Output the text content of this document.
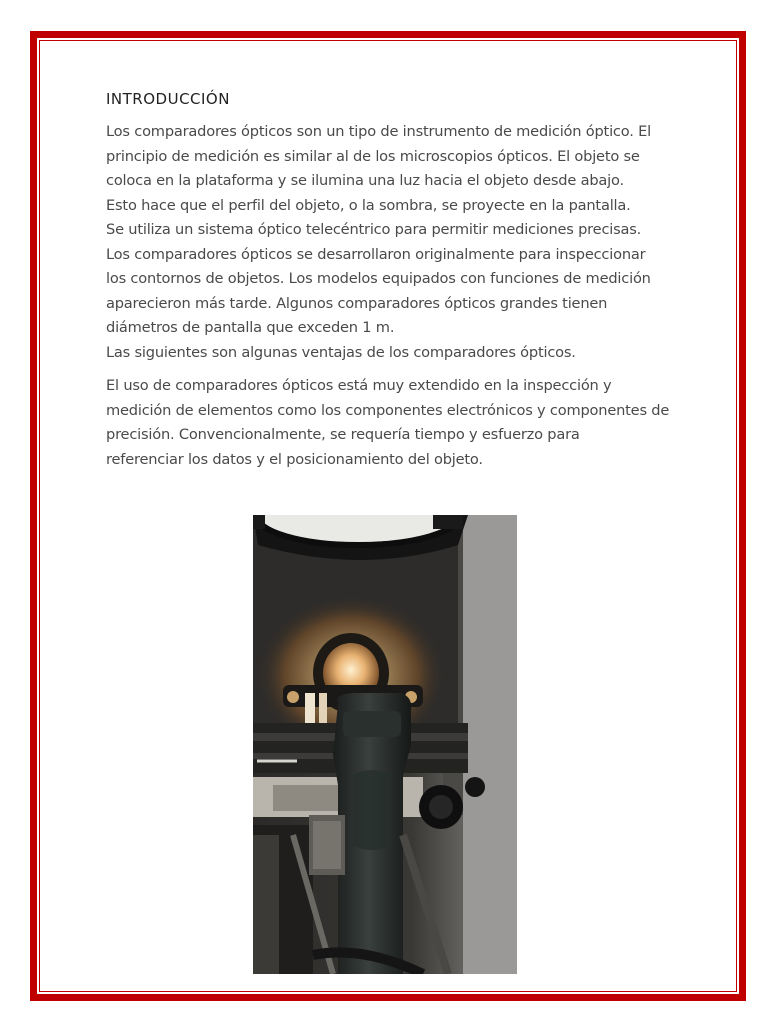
INTRODUCCIÓN

Los comparadores ópticos son un tipo de instrumento de medición óptico. El
principio de medición es similar al de los microscopios ópticos. El objeto se
coloca en la plataforma y se ilumina una luz hacia el objeto desde abajo.
Esto hace que el perfil del objeto, o la sombra, se proyecte en la pantalla.
Se utiliza un sistema óptico telecéntrico para permitir mediciones precisas.
Los comparadores ópticos se desarrollaron originalmente para inspeccionar
los contornos de objetos. Los modelos equipados con funciones de medición
aparecieron más tarde. Algunos comparadores ópticos grandes tienen
diámetros de pantalla que exceden 1 m.
Las siguientes son algunas ventajas de los comparadores ópticos.

El uso de comparadores ópticos está muy extendido en la inspección y
medición de elementos como los componentes electrónicos y componentes de
precisión. Convencionalmente, se requería tiempo y esfuerzo para
referenciar los datos y el posicionamiento del objeto.
